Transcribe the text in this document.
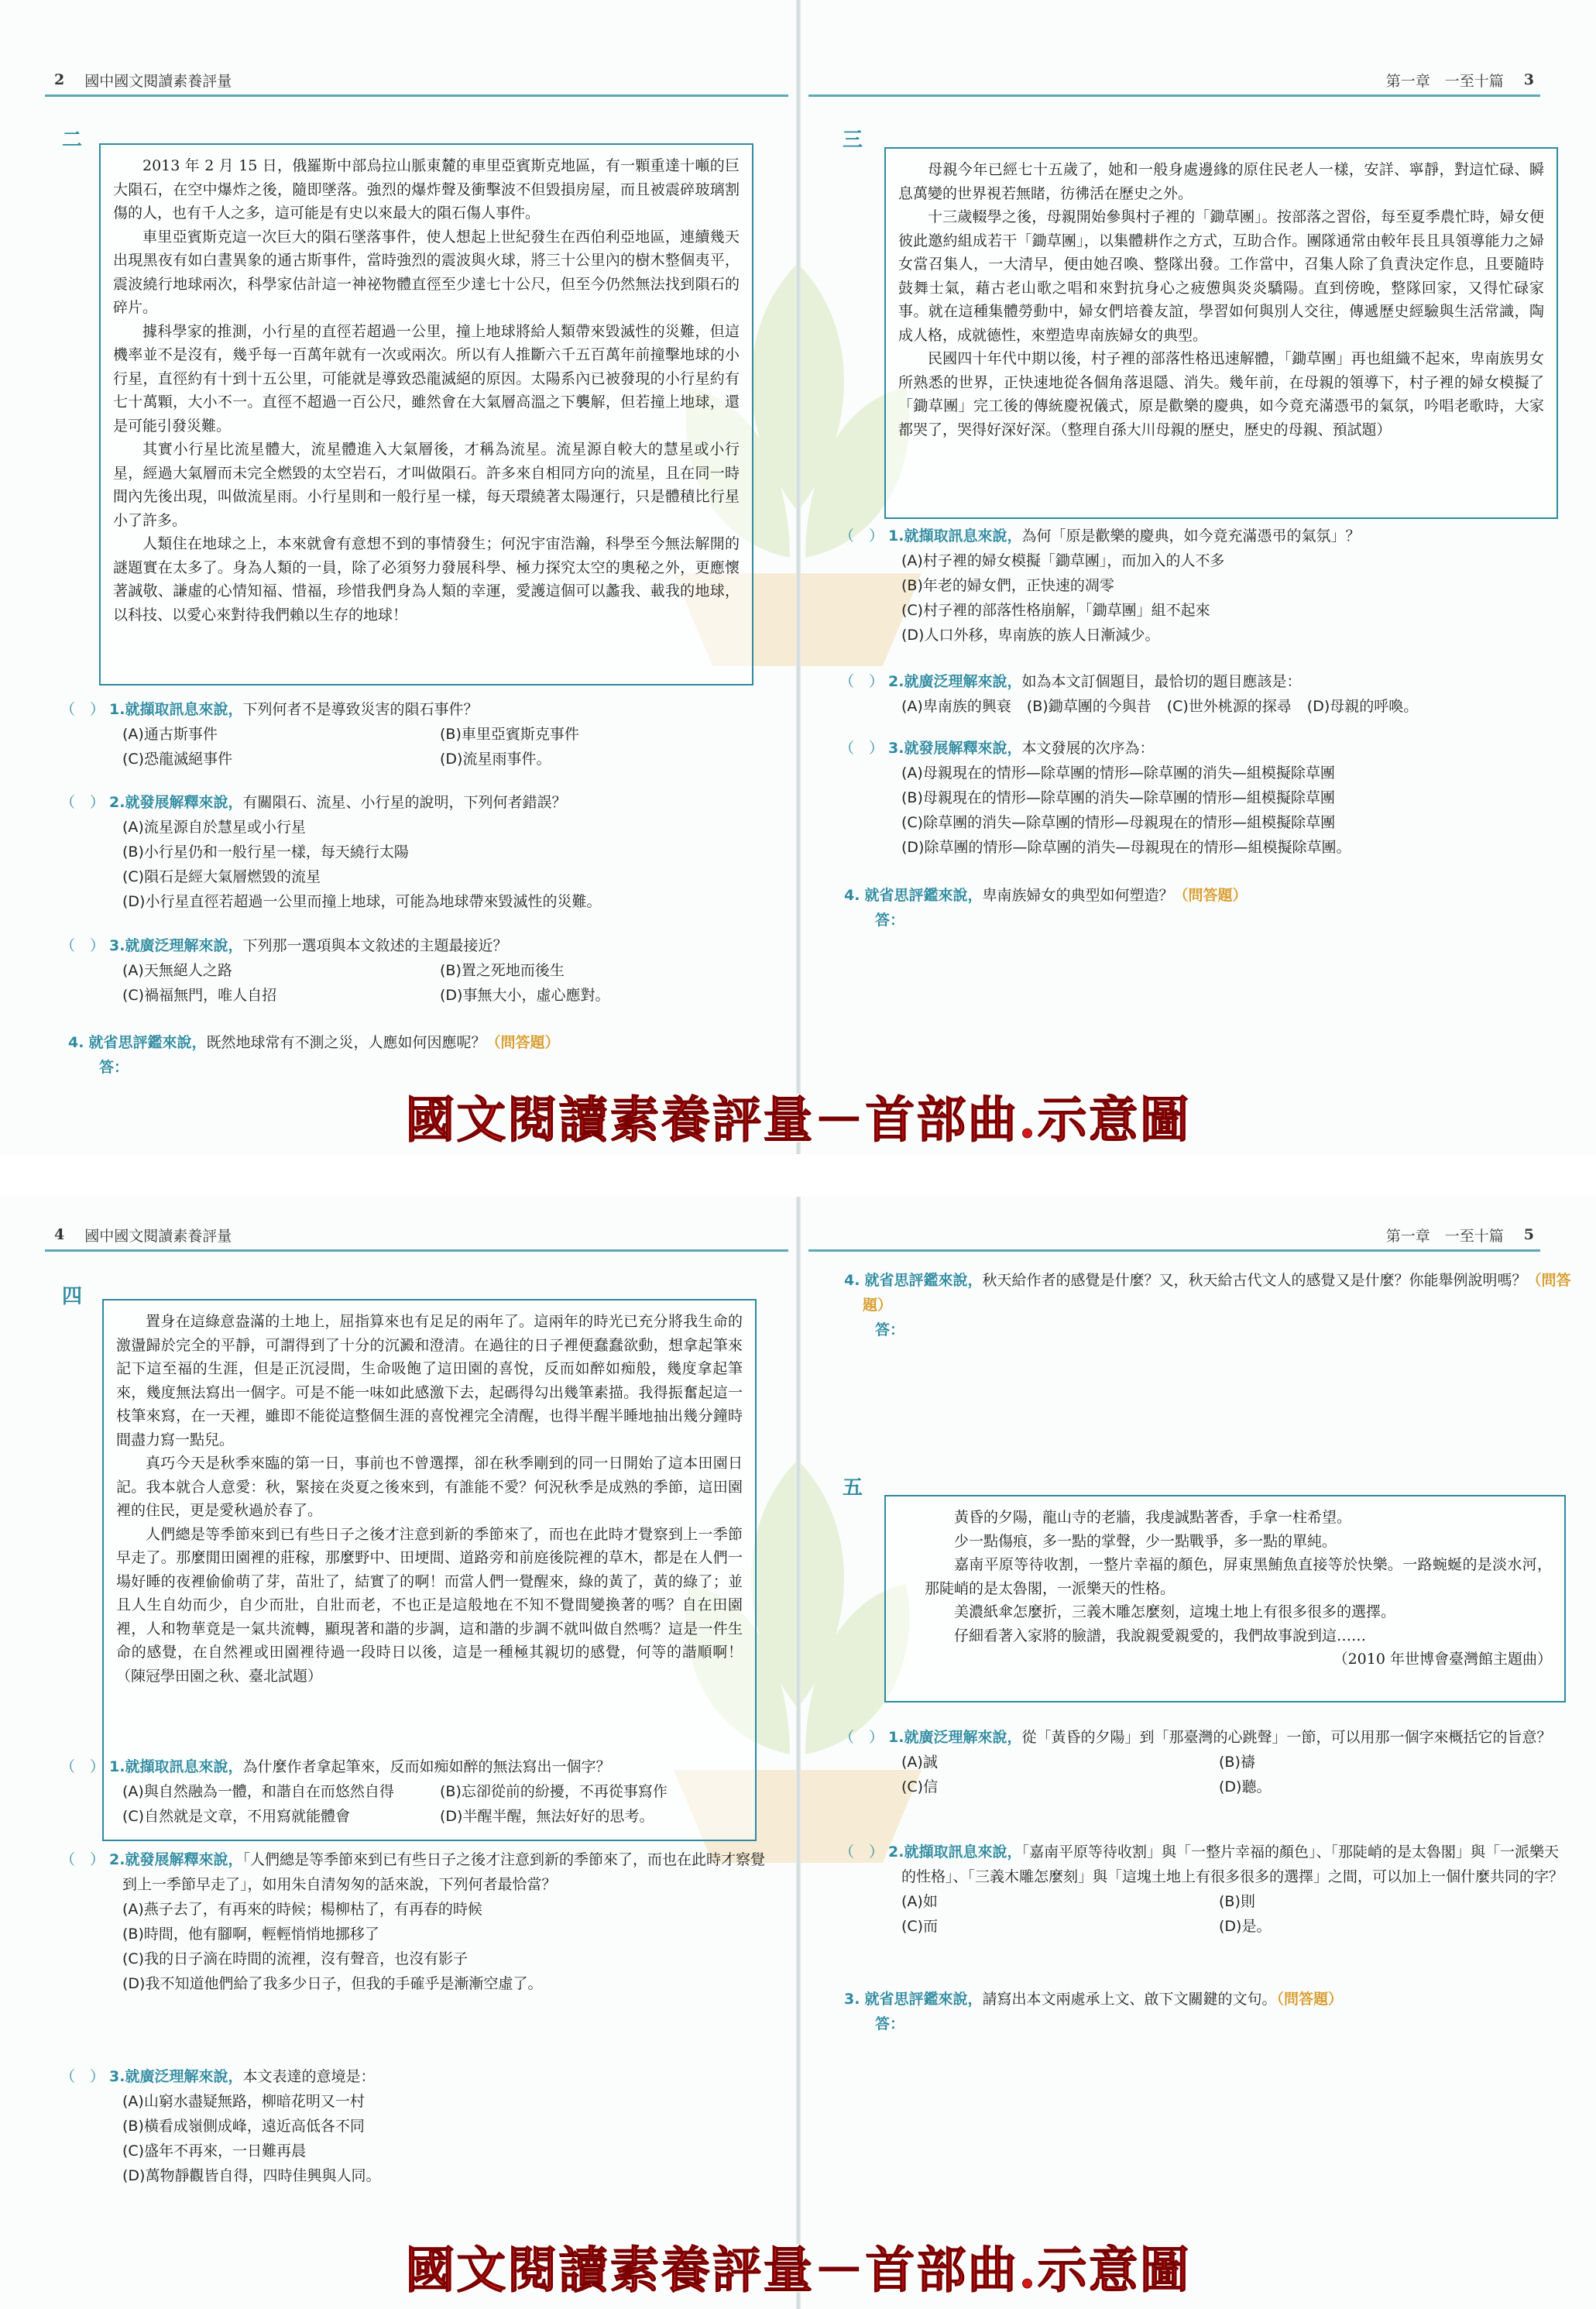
2 國中國文閱讀素養評量
二

2013 年 2 月 15 日，俄羅斯中部烏拉山脈東麓的車里亞賓斯克地區，有一顆重達十噸的巨大隕石，在空中爆炸之後，隨即墜落。強烈的爆炸聲及衝擊波不但毀損房屋，而且被震碎玻璃割傷的人，也有千人之多，這可能是有史以來最大的隕石傷人事件。

車里亞賓斯克這一次巨大的隕石墜落事件，使人想起上世紀發生在西伯利亞地區，連續幾天出現黑夜有如白晝異象的通古斯事件，當時強烈的震波與火球，將三十公里內的樹木整個夷平，震波繞行地球兩次，科學家估計這一神祕物體直徑至少達七十公尺，但至今仍然無法找到隕石的碎片。

據科學家的推測，小行星的直徑若超過一公里，撞上地球將給人類帶來毀滅性的災難，但這機率並不是沒有，幾乎每一百萬年就有一次或兩次。所以有人推斷六千五百萬年前撞擊地球的小行星，直徑約有十到十五公里，可能就是導致恐龍滅絕的原因。太陽系內已被發現的小行星約有七十萬顆，大小不一。直徑不超過一百公尺，雖然會在大氣層高溫之下襲解，但若撞上地球，還是可能引發災難。

其實小行星比流星體大，流星體進入大氣層後，才稱為流星。流星源自較大的慧星或小行星，經過大氣層而未完全燃毀的太空岩石，才叫做隕石。許多來自相同方向的流星，且在同一時間內先後出現，叫做流星雨。小行星則和一般行星一樣，每天環繞著太陽運行，只是體積比行星小了許多。

人類住在地球之上，本來就會有意想不到的事情發生；何況宇宙浩瀚，科學至今無法解開的謎題實在太多了。身為人類的一員，除了必須努力發展科學、極力探究太空的奧秘之外，更應懷著誠敬、謙虛的心情知福、惜福，珍惜我們身為人類的幸運，愛護這個可以蠡我、載我的地球，以科技、以愛心來對待我們賴以生存的地球！

（　） 1.就擷取訊息來說，下列何者不是導致災害的隕石事件？
(A)通古斯事件	(B)車里亞賓斯克事件
(C)恐龍滅絕事件	(D)流星雨事件。
（　） 2.就發展解釋來說，有關隕石、流星、小行星的說明，下列何者錯誤？
(A)流星源自於慧星或小行星
(B)小行星仍和一般行星一樣，每天繞行太陽
(C)隕石是經大氣層燃毀的流星
(D)小行星直徑若超過一公里而撞上地球，可能為地球帶來毀滅性的災難。
（　） 3.就廣泛理解來說，下列那一選項與本文敘述的主題最接近？
(A)天無絕人之路	(B)置之死地而後生
(C)禍福無門，唯人自招	(D)事無大小，虛心應對。
4. 就省思評鑑來說，既然地球常有不測之災，人應如何因應呢？（問答題）
答：
第一章　一至十篇 3
三

母親今年已經七十五歲了，她和一般身處邊緣的原住民老人一樣，安詳、寧靜，對這忙碌、瞬息萬變的世界視若無睹，彷彿活在歷史之外。

十三歲輟學之後，母親開始參與村子裡的「鋤草團」。按部落之習俗，每至夏季農忙時，婦女便彼此邀約組成若干「鋤草團」，以集體耕作之方式，互助合作。團隊通常由較年長且具領導能力之婦女當召集人，一大清早，便由她召喚、整隊出發。工作當中，召集人除了負責決定作息，且要隨時鼓舞士氣，藉古老山歌之唱和來對抗身心之疲憊與炎炎驕陽。直到傍晚，整隊回家，又得忙碌家事。就在這種集體勞動中，婦女們培養友誼，學習如何與別人交往，傳遞歷史經驗與生活常識，陶成人格，成就德性，來塑造卑南族婦女的典型。

民國四十年代中期以後，村子裡的部落性格迅速解體，「鋤草團」再也組織不起來，卑南族男女所熟悉的世界，正快速地從各個角落退隱、消失。幾年前，在母親的領導下，村子裡的婦女模擬了「鋤草團」完工後的傳統慶祝儀式，原是歡樂的慶典，如今竟充滿憑弔的氣氛，吟唱老歌時，大家都哭了，哭得好深好深。（整理自孫大川母親的歷史，歷史的母親、預試題）

（　） 1.就擷取訊息來說，為何「原是歡樂的慶典，如今竟充滿憑弔的氣氛」？
(A)村子裡的婦女模擬「鋤草團」，而加入的人不多
(B)年老的婦女們，正快速的凋零
(C)村子裡的部落性格崩解，「鋤草團」組不起來
(D)人口外移，卑南族的族人日漸減少。
（　） 2.就廣泛理解來說，如為本文訂個題目，最恰切的題目應該是：
(A)卑南族的興衰 (B)鋤草團的今與昔 (C)世外桃源的探尋 (D)母親的呼喚。
（　） 3.就發展解釋來說，本文發展的次序為：
(A)母親現在的情形—除草團的情形—除草團的消失—組模擬除草團
(B)母親現在的情形—除草團的消失—除草團的情形—組模擬除草團
(C)除草團的消失—除草團的情形—母親現在的情形—組模擬除草團
(D)除草團的情形—除草團的消失—母親現在的情形—組模擬除草團。
4. 就省思評鑑來說，卑南族婦女的典型如何塑造？（問答題）
答：
國文閱讀素養評量－首部曲.示意圖
4 國中國文閱讀素養評量
四

置身在這綠意盎滿的土地上，屈指算來也有足足的兩年了。這兩年的時光已充分將我生命的激盪歸於完全的平靜，可謂得到了十分的沉澱和澄清。在過往的日子裡便蠢蠢欲動，想拿起筆來記下這至福的生涯，但是正沉浸間，生命吸飽了這田園的喜悅，反而如醉如痴般，幾度拿起筆來，幾度無法寫出一個字。可是不能一味如此感激下去，起碼得勾出幾筆素描。我得振奮起這一枝筆來寫，在一天裡，雖即不能從這整個生涯的喜悅裡完全清醒，也得半醒半睡地抽出幾分鐘時間盡力寫一點兒。

真巧今天是秋季來臨的第一日，事前也不曾選擇，卻在秋季剛到的同一日開始了這本田園日記。我本就合人意愛：秋，緊接在炎夏之後來到，有誰能不愛？何況秋季是成熟的季節，這田園裡的住民，更是愛秋過於春了。

人們總是等季節來到已有些日子之後才注意到新的季節來了，而也在此時才覺察到上一季節早走了。那麼閒田園裡的莊稼，那麼野中、田埂間、道路旁和前庭後院裡的草木，都是在人們一場好睡的夜裡偷偷萌了芽，苗壯了，結實了的啊！而當人們一覺醒來，綠的黃了，黃的綠了；並且人生自幼而少，自少而壯，自壯而老，不也正是這般地在不知不覺間變換著的嗎？自在田園裡，人和物華竟是一氣共流轉，顯現著和諧的步調，這和諧的步調不就叫做自然嗎？這是一件生命的感覺，在自然裡或田園裡待過一段時日以後，這是一種極其親切的感覺，何等的諧順啊！（陳冠學田園之秋、臺北試題）

（　） 1.就擷取訊息來說，為什麼作者拿起筆來，反而如痴如醉的無法寫出一個字？
(A)與自然融為一體，和諧自在而悠然自得	(B)忘卻從前的紛擾，不再從事寫作
(C)自然就是文章，不用寫就能體會	(D)半醒半醒，無法好好的思考。
（　） 2.就發展解釋來說，「人們總是等季節來到已有些日子之後才注意到新的季節來了，而也在此時才察覺到上一季節早走了」，如用朱自清匆匆的話來說，下列何者最恰當？
(A)燕子去了，有再來的時候；楊柳枯了，有再春的時候
(B)時間，他有腳啊，輕輕悄悄地挪移了
(C)我的日子滴在時間的流裡，沒有聲音，也沒有影子
(D)我不知道他們給了我多少日子，但我的手確乎是漸漸空虛了。
（　） 3.就廣泛理解來說，本文表達的意境是：
(A)山窮水盡疑無路，柳暗花明又一村
(B)橫看成嶺側成峰，遠近高低各不同
(C)盛年不再來，一日難再晨
(D)萬物靜觀皆自得，四時佳興與人同。
第一章　一至十篇 5
4. 就省思評鑑來說，秋天給作者的感覺是什麼？又，秋天給古代文人的感覺又是什麼？你能舉例說明嗎？（問答題）
答：
五

黃昏的夕陽，龍山寺的老牆，我虔誠點著香，手拿一柱希望。

少一點傷痕，多一點的掌聲，少一點戰爭，多一點的單純。

嘉南平原等待收割，一整片幸福的顏色，屏東黑鮪魚直接等於快樂。一路蜿蜒的是淡水河，那陡峭的是太魯閣，一派樂天的性格。

美濃紙傘怎麼折，三義木雕怎麼刻，這塊土地上有很多很多的選擇。

仔細看著入家將的臉譜，我說親愛親愛的，我們故事說到這……

（2010 年世博會臺灣館主題曲）

（　） 1.就廣泛理解來說，從「黃昏的夕陽」到「那臺灣的心跳聲」一節，可以用那一個字來概括它的旨意？
(A)誠	(B)禱
(C)信	(D)聽。
（　） 2.就擷取訊息來說，「嘉南平原等待收割」與「一整片幸福的顏色」、「那陡峭的是太魯閣」與「一派樂天的性格」、「三義木雕怎麼刻」與「這塊土地上有很多很多的選擇」之間，可以加上一個什麼共同的字？
(A)如	(B)則
(C)而	(D)是。
3. 就省思評鑑來說，請寫出本文兩處承上文、啟下文關鍵的文句。（問答題）
答：
國文閱讀素養評量－首部曲.示意圖
